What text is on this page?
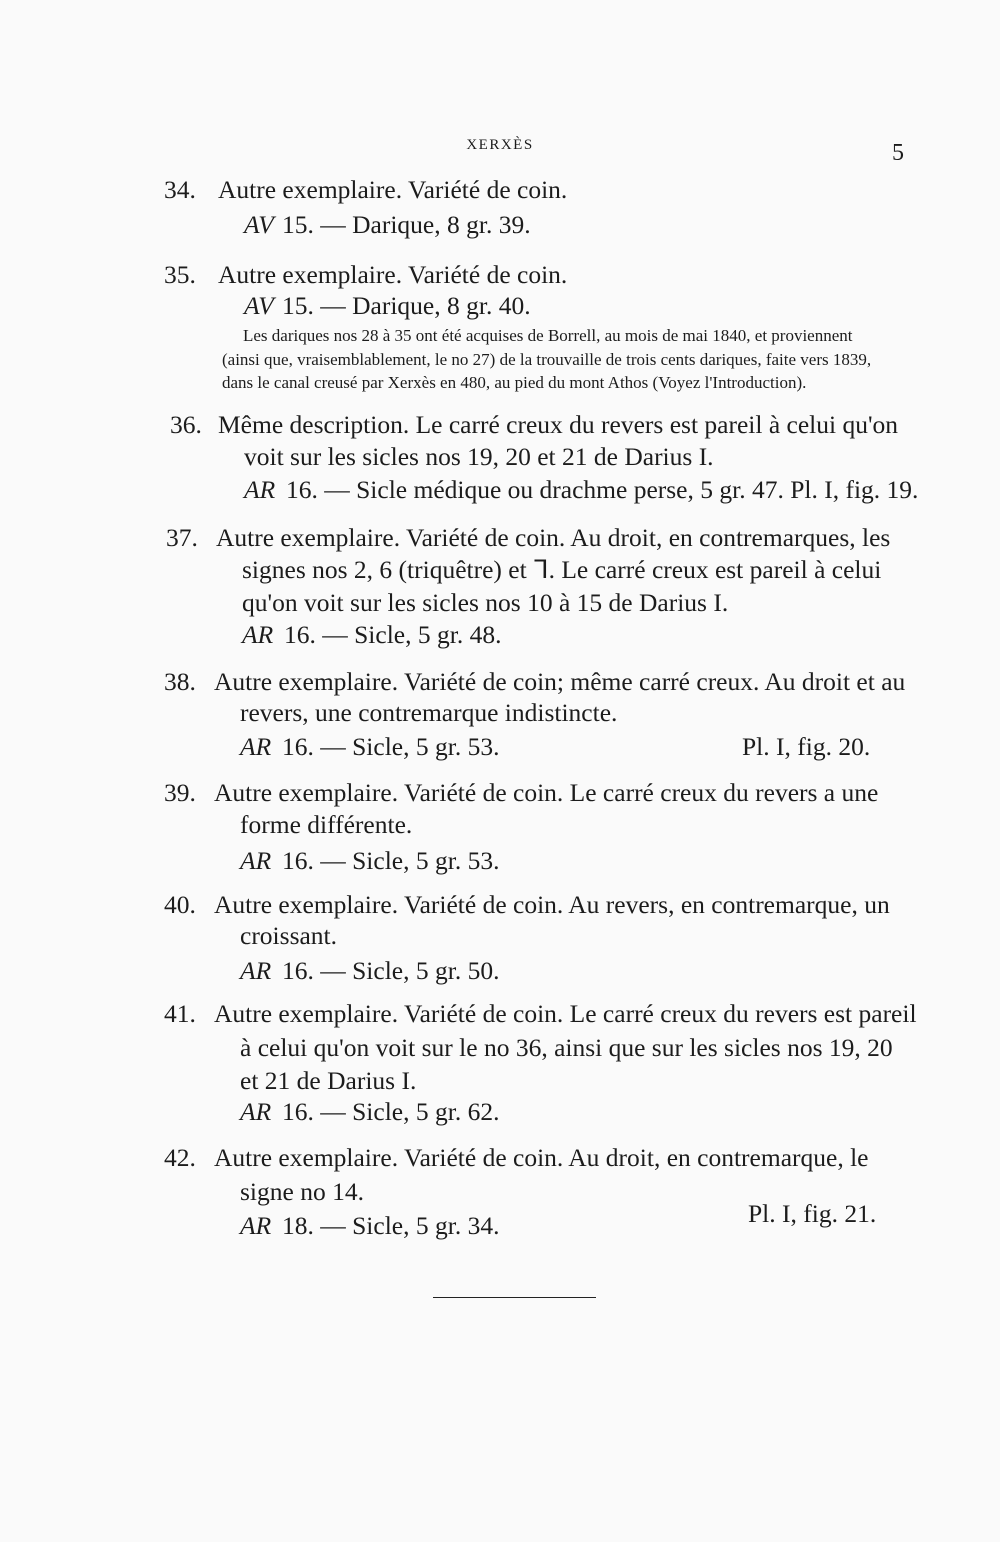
XERXÈS	5
34. Autre exemplaire. Variété de coin.
AV 15. — Darique, 8 gr. 39.
35. Autre exemplaire. Variété de coin.
AV 15. — Darique, 8 gr. 40.
Les dariques nos 28 à 35 ont été acquises de Borrell, au mois de mai 1840, et proviennent
(ainsi que, vraisemblablement, le no 27) de la trouvaille de trois cents dariques, faite vers 1839,
dans le canal creusé par Xerxès en 480, au pied du mont Athos (Voyez l'Introduction).
36. Même description. Le carré creux du revers est pareil à celui qu'on
voit sur les sicles nos 19, 20 et 21 de Darius I.
AR 16. — Sicle médique ou drachme perse, 5 gr. 47. Pl. I, fig. 19.
37. Autre exemplaire. Variété de coin. Au droit, en contremarques, les
signes nos 2, 6 (triquêtre) et ᒣ. Le carré creux est pareil à celui
qu'on voit sur les sicles nos 10 à 15 de Darius I.
AR 16. — Sicle, 5 gr. 48.
38. Autre exemplaire. Variété de coin; même carré creux. Au droit et au
revers, une contremarque indistincte.
AR 16. — Sicle, 5 gr. 53.	Pl. I, fig. 20.
39. Autre exemplaire. Variété de coin. Le carré creux du revers a une
forme différente.
AR 16. — Sicle, 5 gr. 53.
40. Autre exemplaire. Variété de coin. Au revers, en contremarque, un
croissant.
AR 16. — Sicle, 5 gr. 50.
41. Autre exemplaire. Variété de coin. Le carré creux du revers est pareil
à celui qu'on voit sur le no 36, ainsi que sur les sicles nos 19, 20
et 21 de Darius I.
AR 16. — Sicle, 5 gr. 62.
42. Autre exemplaire. Variété de coin. Au droit, en contremarque, le
signe no 14.
AR 18. — Sicle, 5 gr. 34.	Pl. I, fig. 21.
